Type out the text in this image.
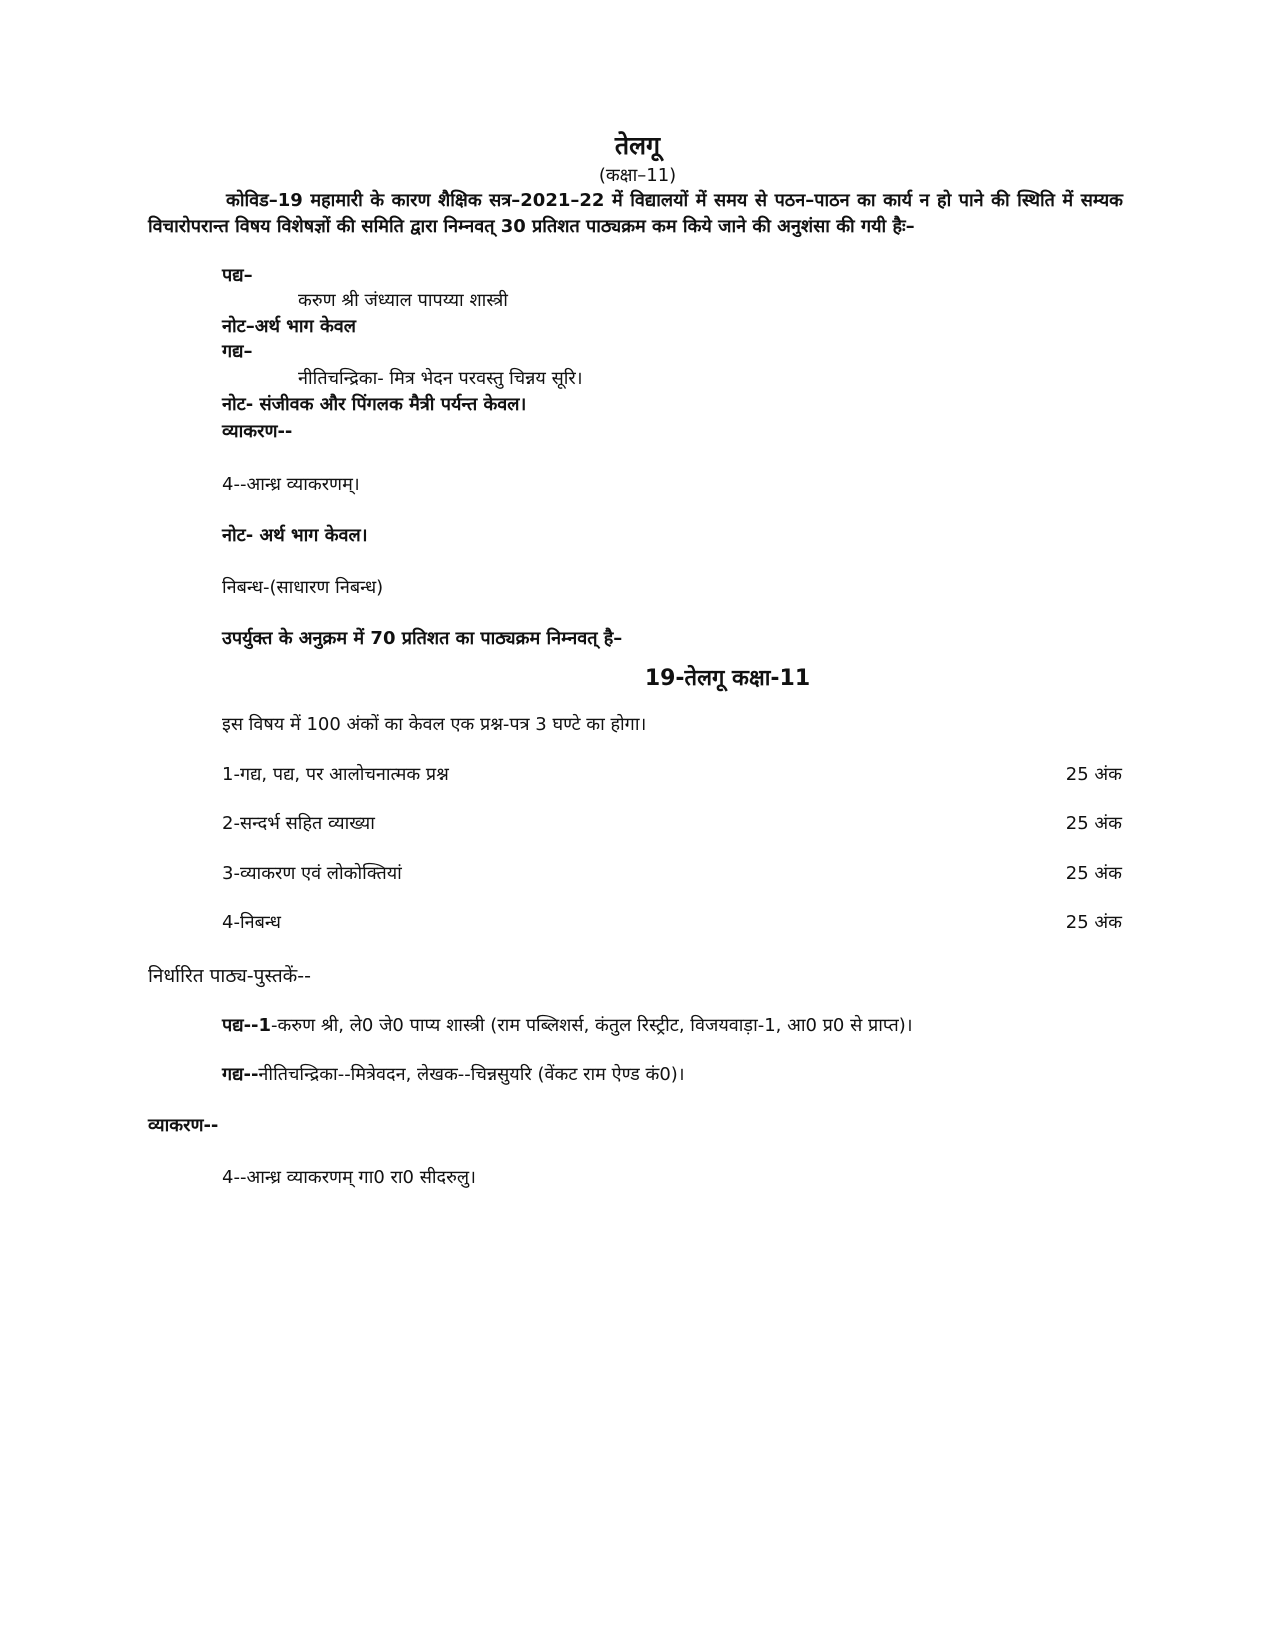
तेलगू
(कक्षा–11)
कोविड–19 महामारी के कारण शैक्षिक सत्र–2021–22 में विद्यालयों में समय से पठन–पाठन का कार्य न हो पाने की स्थिति में सम्यक विचारोपरान्त विषय विशेषज्ञों की समिति द्वारा निम्नवत् 30 प्रतिशत पाठ्यक्रम कम किये जाने की अनुशंसा की गयी हैः–
पद्य–
करुण श्री जंध्याल पापय्या शास्त्री
नोट–अर्थ भाग केवल
गद्य–
नीतिचन्द्रिका- मित्र भेदन परवस्तु चिन्नय सूरि।
नोट- संजीवक और पिंगलक मैत्री पर्यन्त केवल।
व्याकरण--
4--आन्ध्र व्याकरणम्।
नोट- अर्थ भाग केवल।
निबन्ध-(साधारण निबन्ध)
उपर्युक्त के अनुक्रम में 70 प्रतिशत का पाठ्यक्रम निम्नवत् है–
19-तेलगू कक्षा-11
इस विषय में 100 अंकों का केवल एक प्रश्न-पत्र 3 घण्टे का होगा।
1-गद्य, पद्य, पर आलोचनात्मक प्रश्न	25 अंक
2-सन्दर्भ सहित व्याख्या	25 अंक
3-व्याकरण एवं लोकोक्तियां	25 अंक
4-निबन्ध	25 अंक
निर्धारित पाठ्य-पुस्तकें--
पद्य--1-करुण श्री, ले0 जे0 पाप्य शास्त्री (राम पब्लिशर्स, कंतुल रिस्ट्रीट, विजयवाड़ा-1, आ0 प्र0 से प्राप्त)।
गद्य--नीतिचन्द्रिका--मित्रेवदन, लेखक--चिन्नसुयरि (वेंकट राम ऐण्ड कं0)।
व्याकरण--
4--आन्ध्र व्याकरणम् गा0 रा0 सीदरुलु।
